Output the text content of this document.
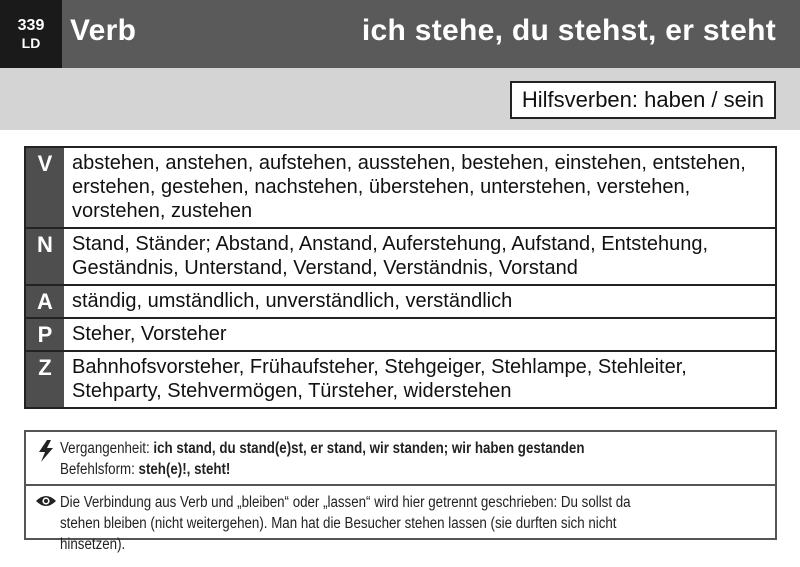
339
LD Verb	ich stehe, du stehst, er steht
Hilfsverben: haben / sein
V abstehen, anstehen, aufstehen, ausstehen, bestehen, einstehen, entstehen, erstehen, gestehen, nachstehen, überstehen, unterstehen, verstehen, vorstehen, zustehen
N Stand, Ständer; Abstand, Anstand, Auferstehung, Aufstand, Entstehung, Geständnis, Unterstand, Verstand, Verständnis, Vorstand
A ständig, umständlich, unverständlich, verständlich
P Steher, Vorsteher
Z	Bahnhofsvorsteher, Frühaufsteher, Stehgeiger, Stehlampe, Stehleiter, Stehparty, Stehvermögen, Türsteher, widerstehen
Vergangenheit: ich stand, du stand(e)st, er stand, wir standen; wir haben gestanden
Befehlsform: steh(e)!, steht!
Die Verbindung aus Verb und „bleiben“ oder „lassen“ wird hier getrennt geschrieben: Du sollst da stehen bleiben (nicht weitergehen). Man hat die Besucher stehen lassen (sie durften sich nicht hinsetzen).
